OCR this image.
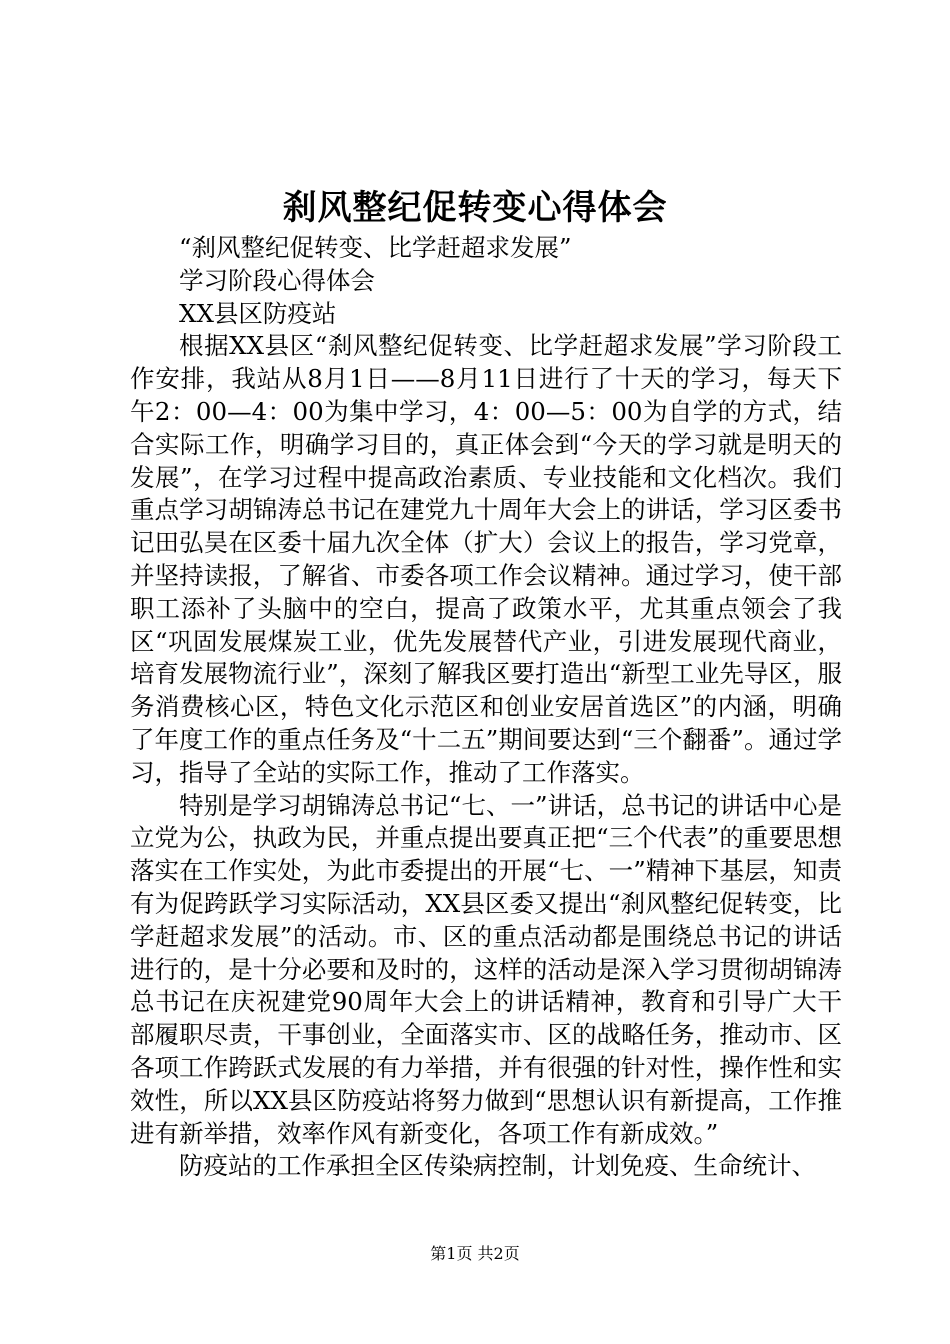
刹风整纪促转变心得体会

“刹风整纪促转变、比学赶超求发展”

学习阶段心得体会

XX县区防疫站

根据XX县区“刹风整纪促转变、比学赶超求发展”学习阶段工作安排，我站从8月1日——8月11日进行了十天的学习，每天下午2：00—4：00为集中学习，4：00—5：00为自学的方式，结合实际工作，明确学习目的，真正体会到“今天的学习就是明天的发展”，在学习过程中提高政治素质、专业技能和文化档次。我们重点学习胡锦涛总书记在建党九十周年大会上的讲话，学习区委书记田弘昊在区委十届九次全体（扩大）会议上的报告，学习党章，并坚持读报，了解省、市委各项工作会议精神。通过学习，使干部职工添补了头脑中的空白，提高了政策水平，尤其重点领会了我区“巩固发展煤炭工业，优先发展替代产业，引进发展现代商业，培育发展物流行业”，深刻了解我区要打造出“新型工业先导区，服务消费核心区，特色文化示范区和创业安居首选区”的内涵，明确了年度工作的重点任务及“十二五”期间要达到“三个翻番”。通过学习，指导了全站的实际工作，推动了工作落实。

特别是学习胡锦涛总书记“七、一”讲话，总书记的讲话中心是立党为公，执政为民，并重点提出要真正把“三个代表”的重要思想落实在工作实处，为此市委提出的开展“七、一”精神下基层，知责有为促跨跃学习实际活动，XX县区委又提出“刹风整纪促转变，比学赶超求发展”的活动。市、区的重点活动都是围绕总书记的讲话进行的，是十分必要和及时的，这样的活动是深入学习贯彻胡锦涛总书记在庆祝建党90周年大会上的讲话精神，教育和引导广大干部履职尽责，干事创业，全面落实市、区的战略任务，推动市、区各项工作跨跃式发展的有力举措，并有很强的针对性，操作性和实效性，所以XX县区防疫站将努力做到“思想认识有新提高，工作推进有新举措，效率作风有新变化，各项工作有新成效。”

防疫站的工作承担全区传染病控制，计划免疫、生命统计、

第1页 共2页
